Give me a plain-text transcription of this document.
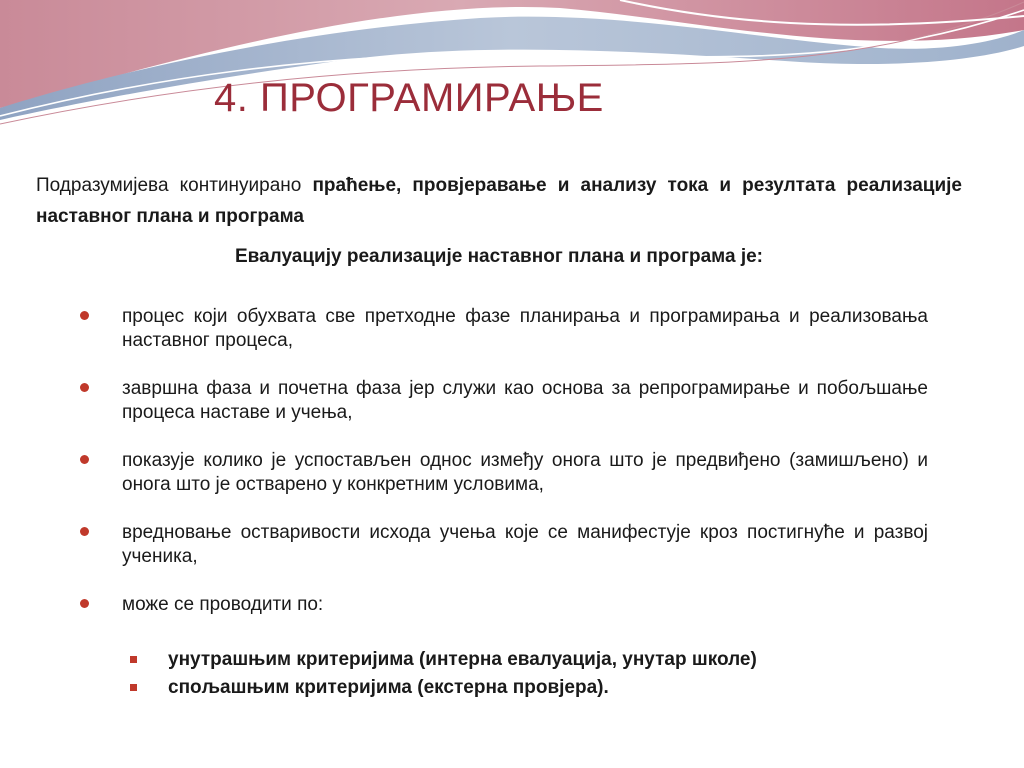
4. ПРОГРАМИРАЊЕ
Подразумијева континуирано праћење, провјеравање и анализу тока и резултата реализације наставног плана и програма
Евалуацију реализације наставног плана и програма је:
процес који обухвата све претходне фазе планирања и програмирања и реализовања наставног процеса,
завршна фаза и почетна фаза јер служи као основа за репрограмирање и побољшање процеса наставе и учења,
показује колико је успостављен однос између онога што је предвиђено (замишљено) и онога што је остварено у конкретним условима,
вредновање остваривости исхода учења које се манифестује кроз постигнуће и развој ученика,
може се проводити по:
унутрашњим критеријима (интерна евалуација, унутар школе)
спољашњим критеријима (екстерна провјера).
